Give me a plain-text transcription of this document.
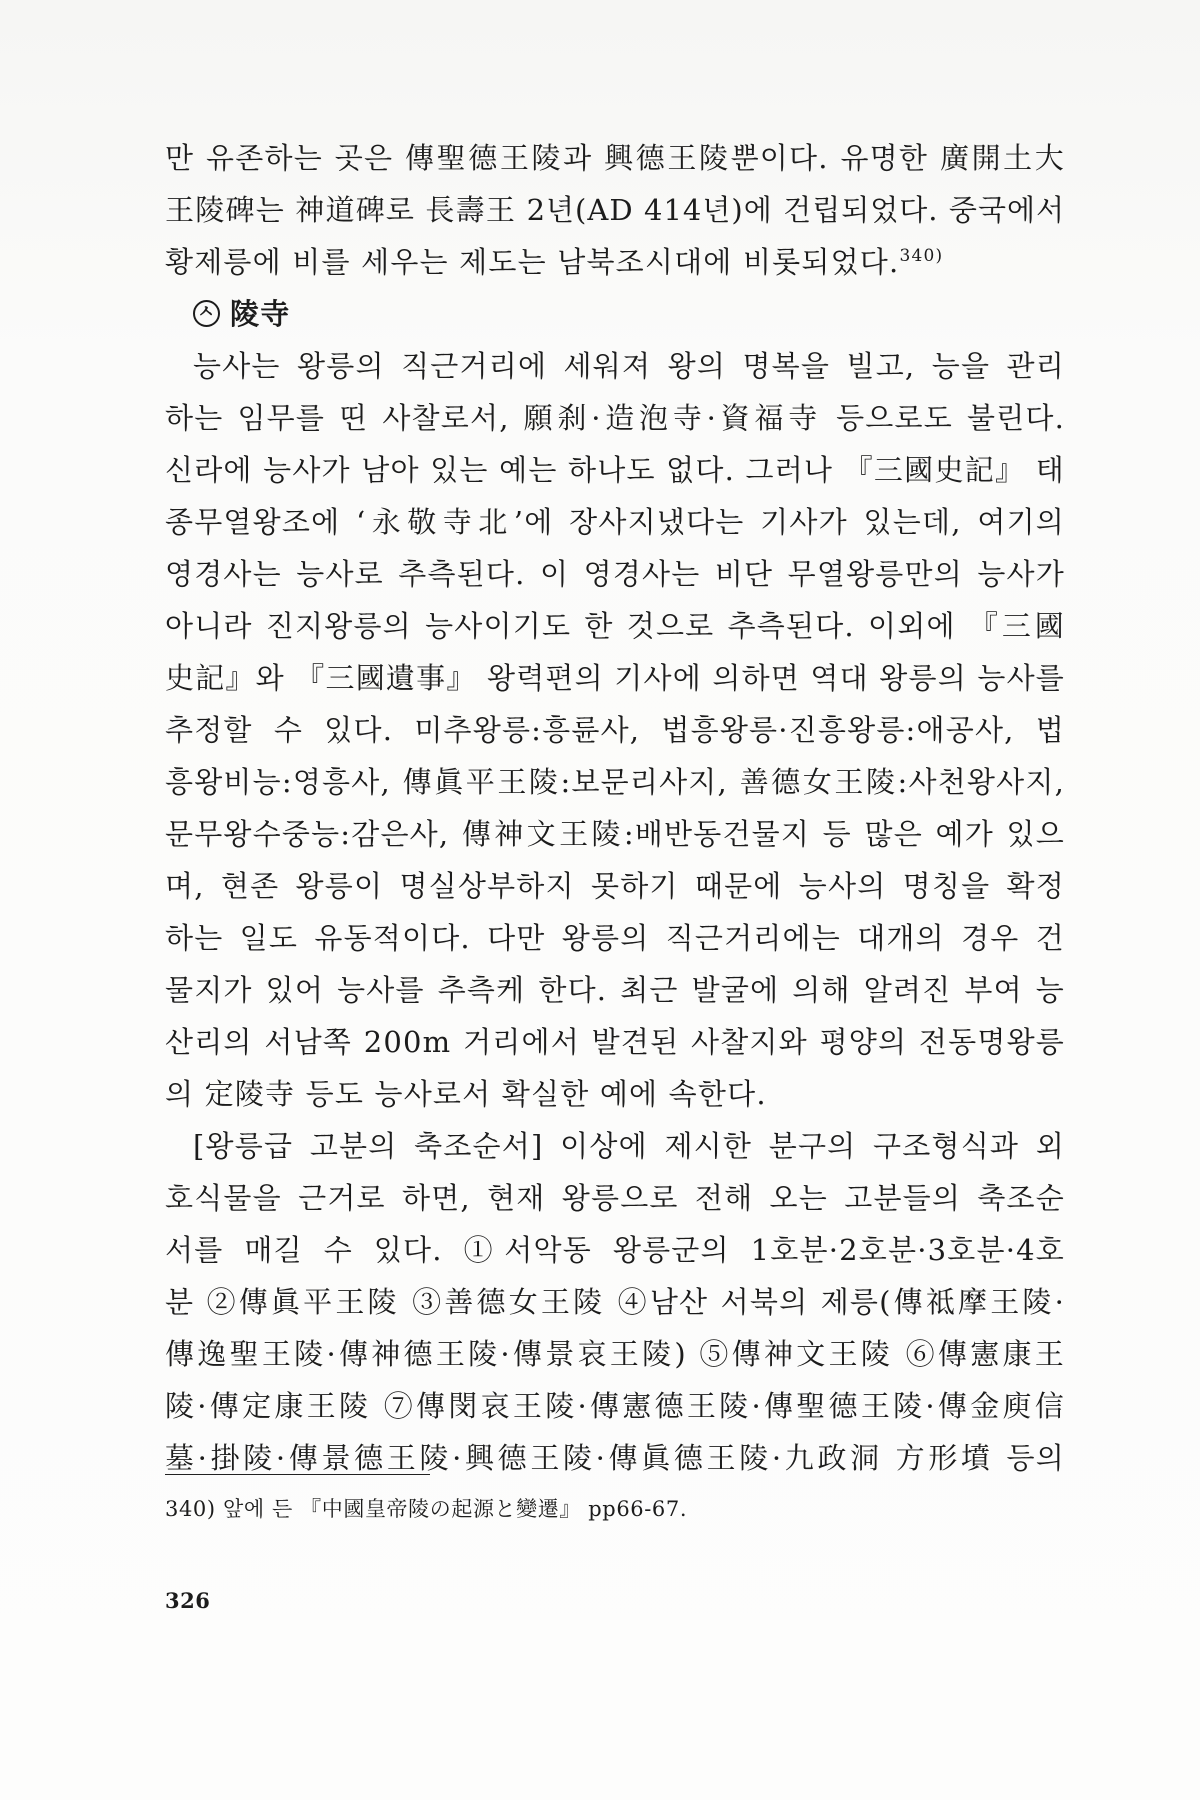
만 유존하는 곳은 傳聖德王陵과 興德王陵뿐이다. 유명한 廣開土大
王陵碑는 神道碑로 長壽王 2년(AD 414년)에 건립되었다. 중국에서
황제릉에 비를 세우는 제도는 남북조시대에 비롯되었다.$^{340)}$
ㅅ 陵寺
능사는 왕릉의 직근거리에 세워져 왕의 명복을 빌고, 능을 관리
하는 임무를 띤 사찰로서, 願刹·造泡寺·資福寺 등으로도 불린다.
신라에 능사가 남아 있는 예는 하나도 없다. 그러나 『三國史記』 태
종무열왕조에 ‘永敬寺北’에 장사지냈다는 기사가 있는데, 여기의
영경사는 능사로 추측된다. 이 영경사는 비단 무열왕릉만의 능사가
아니라 진지왕릉의 능사이기도 한 것으로 추측된다. 이외에 『三國
史記』와 『三國遺事』 왕력편의 기사에 의하면 역대 왕릉의 능사를
추정할 수 있다. 미추왕릉:흥륜사, 법흥왕릉·진흥왕릉:애공사, 법
흥왕비능:영흥사, 傳眞平王陵:보문리사지, 善德女王陵:사천왕사지,
문무왕수중능:감은사, 傳神文王陵:배반동건물지 등 많은 예가 있으
며, 현존 왕릉이 명실상부하지 못하기 때문에 능사의 명칭을 확정
하는 일도 유동적이다. 다만 왕릉의 직근거리에는 대개의 경우 건
물지가 있어 능사를 추측케 한다. 최근 발굴에 의해 알려진 부여 능
산리의 서남쪽 200m 거리에서 발견된 사찰지와 평양의 전동명왕릉
의 定陵寺 등도 능사로서 확실한 예에 속한다.
[왕릉급 고분의 축조순서] 이상에 제시한 분구의 구조형식과 외
호식물을 근거로 하면, 현재 왕릉으로 전해 오는 고분들의 축조순
서를 매길 수 있다. ①서악동 왕릉군의 1호분·2호분·3호분·4호
분 ②傳眞平王陵 ③善德女王陵 ④남산 서북의 제릉(傳祗摩王陵·
傳逸聖王陵·傳神德王陵·傳景哀王陵) ⑤傳神文王陵 ⑥傳憲康王
陵·傳定康王陵 ⑦傳閔哀王陵·傳憲德王陵·傳聖德王陵·傳金庾信
墓·掛陵·傳景德王陵·興德王陵·傳眞德王陵·九政洞 方形墳 등의
340) 앞에 든 『中國皇帝陵の起源と變遷』 pp66-67.
326
